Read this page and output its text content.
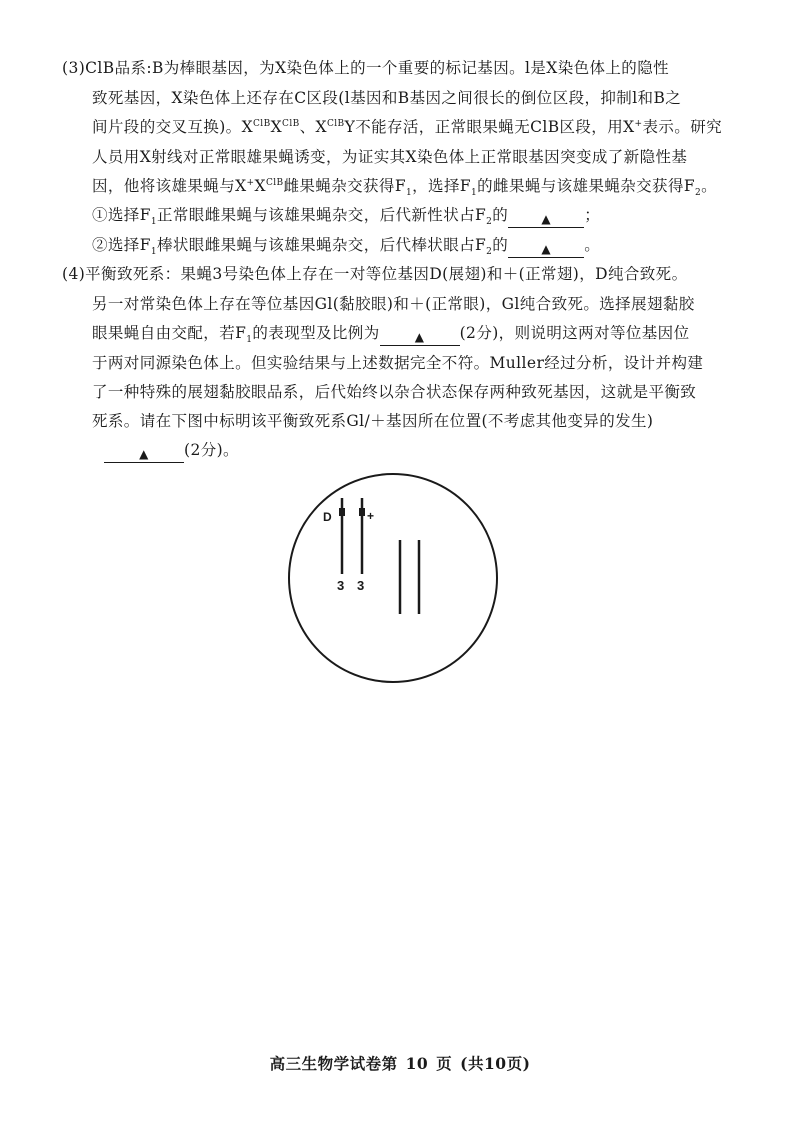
(3)ClB品系:B为棒眼基因，为X染色体上的一个重要的标记基因。l是X染色体上的隐性
致死基因，X染色体上还存在C区段(l基因和B基因之间很长的倒位区段，抑制l和B之
间片段的交叉互换)。$X^{ClB}X^{ClB}$、$X^{ClB}Y$不能存活，正常眼果蝇无ClB区段，用X+表示。研究
人员用X射线对正常眼雄果蝇诱变，为证实其X染色体上正常眼基因突变成了新隐性基
因，他将该雄果蝇与$X^+X^{ClB}$雌果蝇杂交获得$F_1$，选择$F_1$的雌果蝇与该雄果蝇杂交获得$F_2$。
①选择$F_1$正常眼雌果蝇与该雄果蝇杂交，后代新性状占$F_2$的	▲ ；
②选择$F_1$棒状眼雌果蝇与该雄果蝇杂交，后代棒状眼占$F_2$的	▲ 。
(4)平衡致死系：果蝇3号染色体上存在一对等位基因D(展翅)和＋(正常翅)，D纯合致死。
另一对常染色体上存在等位基因Gl(黏胶眼)和＋(正常眼)，Gl纯合致死。选择展翅黏胶
眼果蝇自由交配，若$F_1$的表现型及比例为	▲ (2分)，则说明这两对等位基因位
于两对同源染色体上。但实验结果与上述数据完全不符。Muller经过分析，设计并构建
了一种特殊的展翅黏胶眼品系，后代始终以杂合状态保存两种致死基因，这就是平衡致
死系。请在下图中标明该平衡致死系Gl/＋基因所在位置(不考虑其他变异的发生)
▲ (2分)。
D	+
3 3
高三生物学试卷第 10 页 (共10页)
